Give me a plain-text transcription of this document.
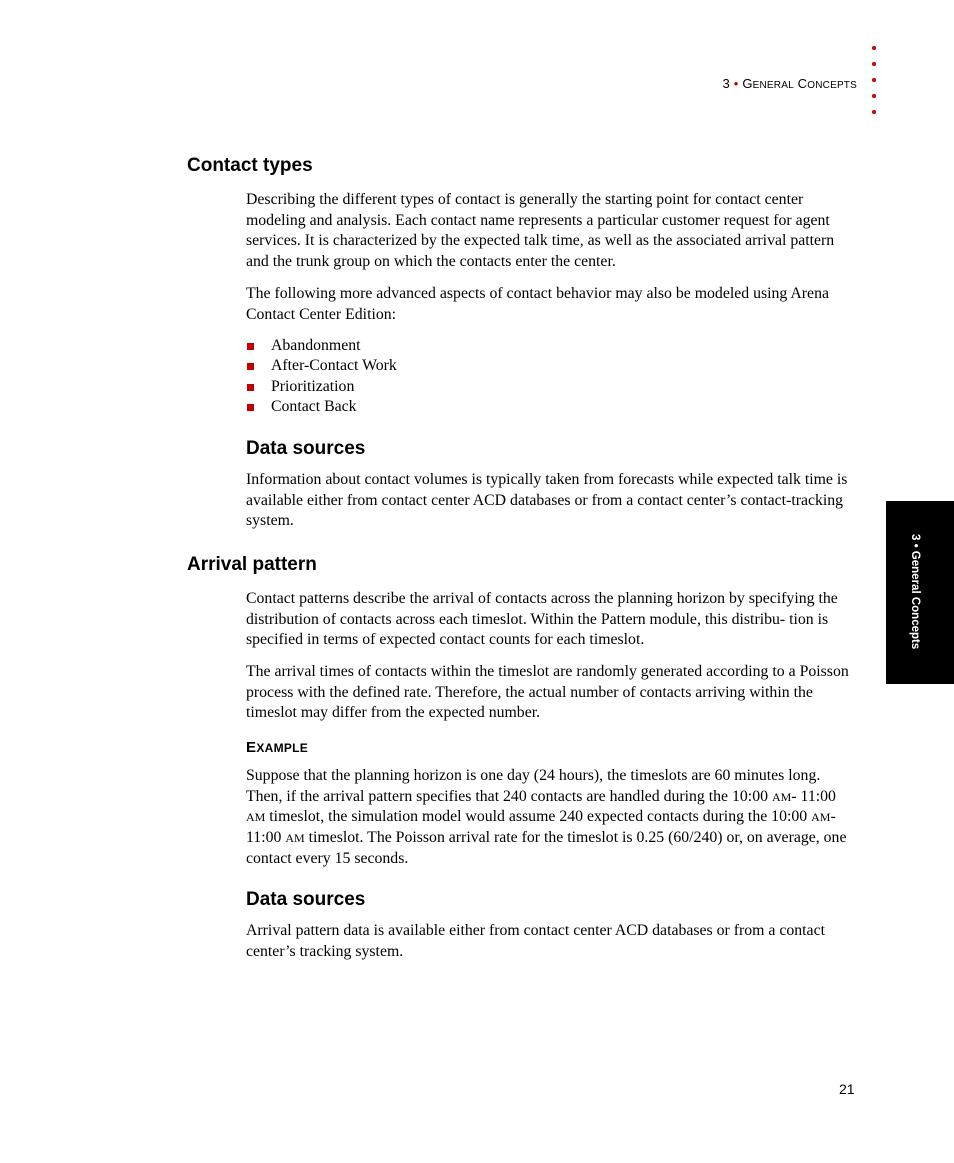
3 • GENERAL CONCEPTS
3 • General Concepts
Contact types

Describing the different types of contact is generally the starting point for contact center modeling and analysis. Each contact name represents a particular customer request for agent services. It is characterized by the expected talk time, as well as the associated arrival pattern and the trunk group on which the contacts enter the center.

The following more advanced aspects of contact behavior may also be modeled using Arena Contact Center Edition:

Abandonment
After-Contact Work
Prioritization
Contact Back
Data sources

Information about contact volumes is typically taken from forecasts while expected talk time is available either from contact center ACD databases or from a contact center’s contact-tracking system.

Arrival pattern

Contact patterns describe the arrival of contacts across the planning horizon by specifying the distribution of contacts across each timeslot. Within the Pattern module, this distribu- tion is specified in terms of expected contact counts for each timeslot.

The arrival times of contacts within the timeslot are randomly generated according to a Poisson process with the defined rate. Therefore, the actual number of contacts arriving within the timeslot may differ from the expected number.

EXAMPLE

Suppose that the planning horizon is one day (24 hours), the timeslots are 60 minutes long. Then, if the arrival pattern specifies that 240 contacts are handled during the 10:00 AM- 11:00 AM timeslot, the simulation model would assume 240 expected contacts during the 10:00 AM-11:00 AM timeslot. The Poisson arrival rate for the timeslot is 0.25 (60/240) or, on average, one contact every 15 seconds.

Data sources

Arrival pattern data is available either from contact center ACD databases or from a contact center’s tracking system.

21
